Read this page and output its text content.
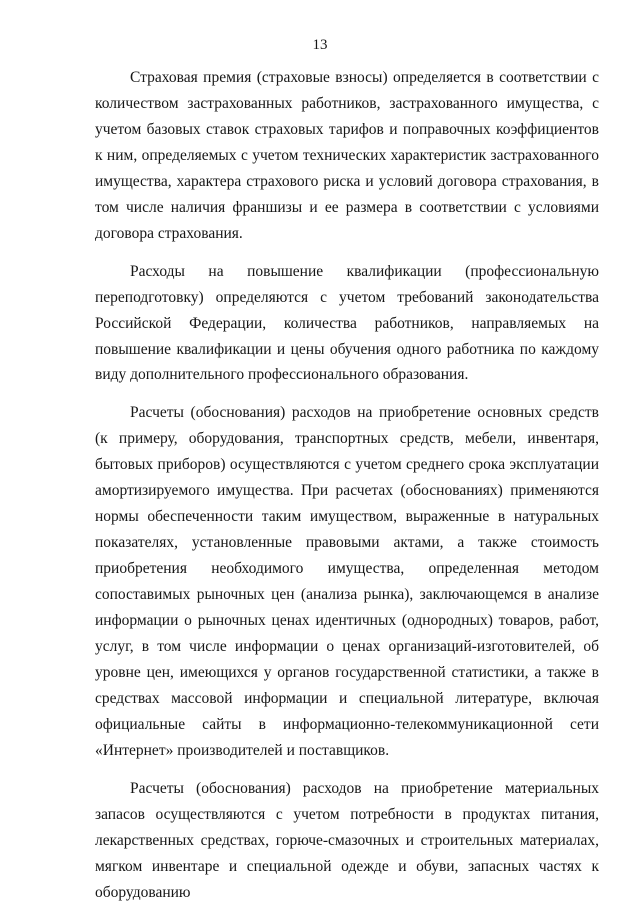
13

Страховая премия (страховые взносы) определяется в соответствии с количеством застрахованных работников, застрахованного имущества, с учетом базовых ставок страховых тарифов и поправочных коэффициентов к ним, определяемых с учетом технических характеристик застрахованного имущества, характера страхового риска и условий договора страхования, в том числе наличия франшизы и ее размера в соответствии с условиями договора страхования.

Расходы на повышение квалификации (профессиональную переподготовку) определяются с учетом требований законодательства Российской Федерации, количества работников, направляемых на повышение квалификации и цены обучения одного работника по каждому виду дополнительного профессионального образования.

Расчеты (обоснования) расходов на приобретение основных средств (к примеру, оборудования, транспортных средств, мебели, инвентаря, бытовых приборов) осуществляются с учетом среднего срока эксплуатации амортизируемого имущества. При расчетах (обоснованиях) применяются нормы обеспеченности таким имуществом, выраженные в натуральных показателях, установленные правовыми актами, а также стоимость приобретения необходимого имущества, определенная методом сопоставимых рыночных цен (анализа рынка), заключающемся в анализе информации о рыночных ценах идентичных (однородных) товаров, работ, услуг, в том числе информации о ценах организаций-изготовителей, об уровне цен, имеющихся у органов государственной статистики, а также в средствах массовой информации и специальной литературе, включая официальные сайты в информационно-телекоммуникационной сети «Интернет» производителей и поставщиков.

Расчеты (обоснования) расходов на приобретение материальных запасов осуществляются с учетом потребности в продуктах питания, лекарственных средствах, горюче-смазочных и строительных материалах, мягком инвентаре и специальной одежде и обуви, запасных частях к оборудованию
